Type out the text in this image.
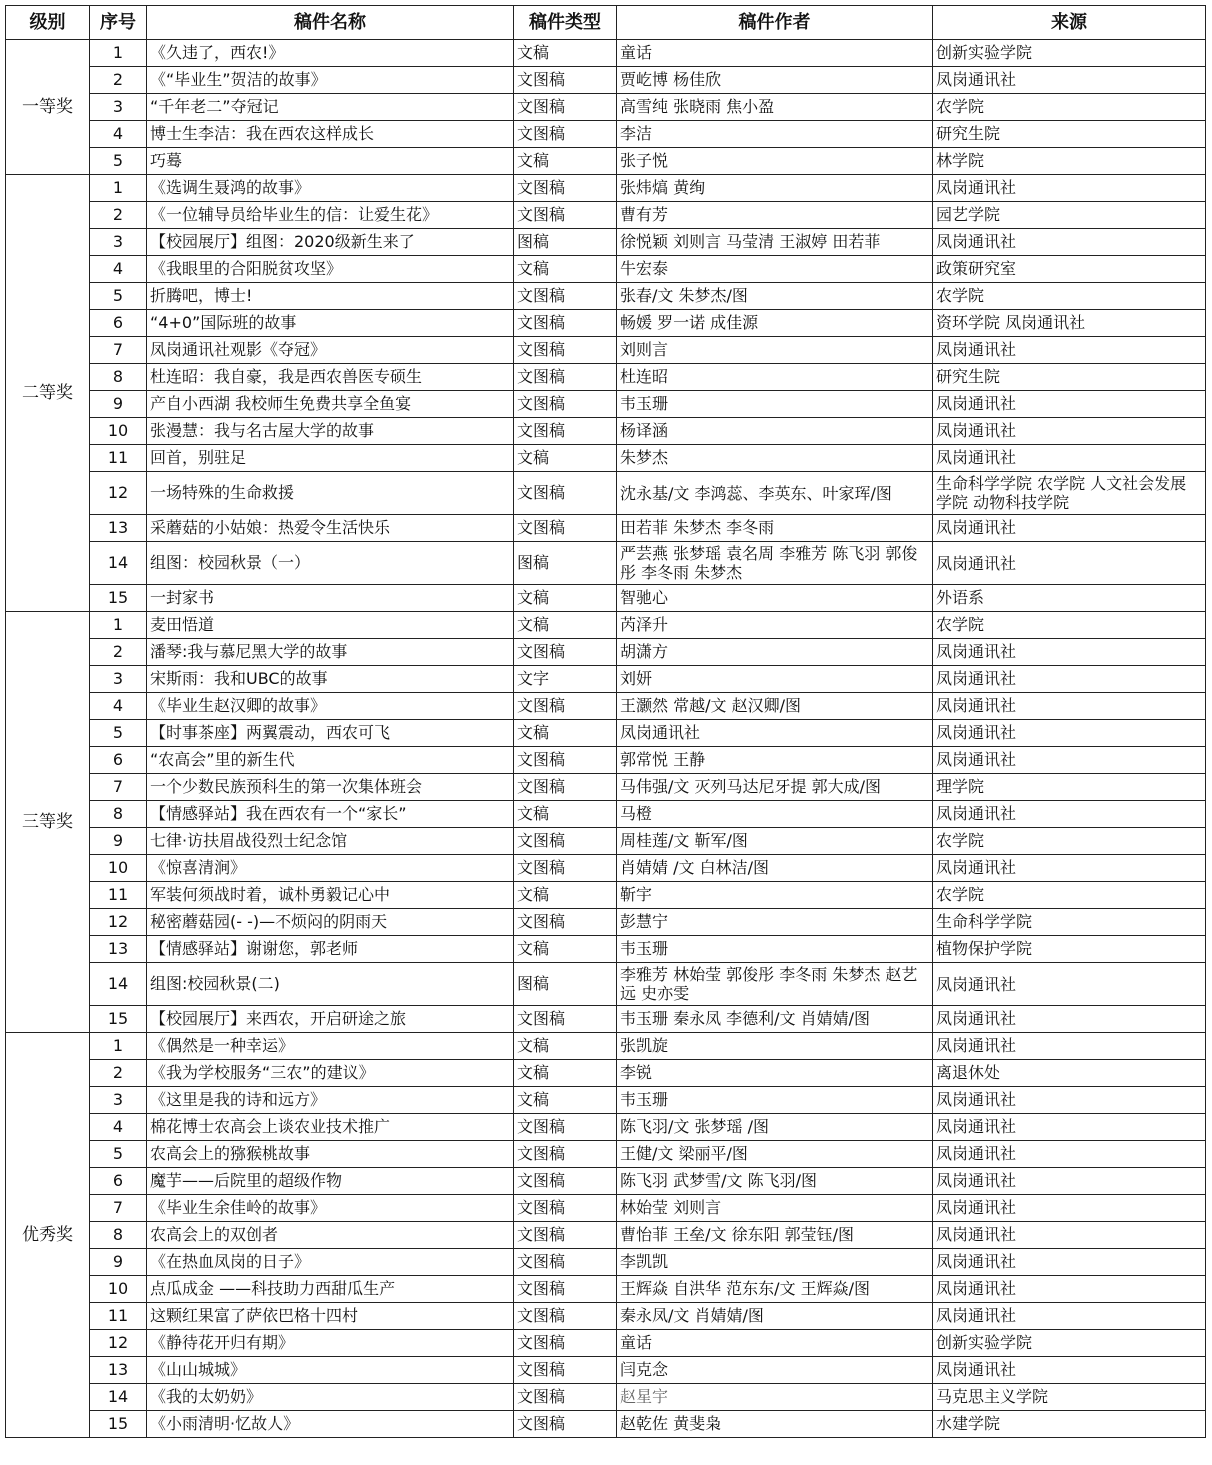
级别	序号	稿件名称	稿件类型	稿件作者	来源
一等奖	1	《久违了，西农!》	文稿	童话	创新实验学院
	2	《“毕业生”贺洁的故事》	文图稿	贾屹博 杨佳欣	凤岗通讯社
	3	“千年老二”夺冠记	文图稿	高雪纯 张晓雨 焦小盈	农学院
	4	博士生李洁：我在西农这样成长	文图稿	李洁	研究生院
	5	巧蓦	文稿	张子悦	林学院
二等奖	1	《选调生聂鸿的故事》	文图稿	张炜熇 黄绚	凤岗通讯社
	2	《一位辅导员给毕业生的信：让爱生花》	文图稿	曹有芳	园艺学院
	3	【校园展厅】组图：2020级新生来了	图稿	徐悦颖 刘则言 马莹清 王淑婷 田若菲	凤岗通讯社
	4	《我眼里的合阳脱贫攻坚》	文稿	牛宏泰	政策研究室
	5	折腾吧，博士!	文图稿	张春/文 朱梦杰/图	农学院
	6	“4+0”国际班的故事	文图稿	畅媛 罗一诺 成佳源	资环学院 凤岗通讯社
	7	凤岗通讯社观影《夺冠》	文图稿	刘则言	凤岗通讯社
	8	杜连昭：我自豪，我是西农兽医专硕生	文图稿	杜连昭	研究生院
	9	产自小西湖 我校师生免费共享全鱼宴	文图稿	韦玉珊	凤岗通讯社
	10	张漫慧：我与名古屋大学的故事	文图稿	杨译涵	凤岗通讯社
	11	回首，别驻足	文稿	朱梦杰	凤岗通讯社
	12	一场特殊的生命救援	文图稿	沈永基/文 李鸿蕊、李英东、叶家珲/图	生命科学学院 农学院 人文社会发展学院 动物科技学院
	13	采蘑菇的小姑娘：热爱令生活快乐	文图稿	田若菲 朱梦杰 李冬雨	凤岗通讯社
	14	组图：校园秋景（一）	图稿	严芸燕 张梦瑶 袁名周 李雅芳 陈飞羽 郭俊彤 李冬雨 朱梦杰	凤岗通讯社
	15	一封家书	文稿	智驰心	外语系
三等奖	1	麦田悟道	文稿	芮泽升	农学院
	2	潘琴:我与慕尼黑大学的故事	文图稿	胡潇方	凤岗通讯社
	3	宋斯雨：我和UBC的故事	文字	刘妍	凤岗通讯社
	4	《毕业生赵汉卿的故事》	文图稿	王灏然 常越/文 赵汉卿/图	凤岗通讯社
	5	【时事茶座】两翼震动，西农可飞	文稿	凤岗通讯社	凤岗通讯社
	6	“农高会”里的新生代	文图稿	郭常悦 王静	凤岗通讯社
	7	一个少数民族预科生的第一次集体班会	文图稿	马伟强/文 灭列马达尼牙提 郭大成/图	理学院
	8	【情感驿站】我在西农有一个“家长”	文稿	马橙	凤岗通讯社
	9	七律·访扶眉战役烈士纪念馆	文图稿	周桂莲/文 靳军/图	农学院
	10	《惊喜清涧》	文图稿	肖婧婧 /文 白林洁/图	凤岗通讯社
	11	军装何须战时着，诚朴勇毅记心中	文稿	靳宇	农学院
	12	秘密蘑菇园(- -)—不烦闷的阴雨天	文图稿	彭慧宁	生命科学学院
	13	【情感驿站】谢谢您，郭老师	文稿	韦玉珊	植物保护学院
	14	组图:校园秋景(二)	图稿	李雅芳 林始莹 郭俊彤 李冬雨 朱梦杰 赵艺远 史亦雯	凤岗通讯社
	15	【校园展厅】来西农，开启研途之旅	文图稿	韦玉珊 秦永凤 李德利/文 肖婧婧/图	凤岗通讯社
优秀奖	1	《偶然是一种幸运》	文稿	张凯旋	凤岗通讯社
	2	《我为学校服务“三农”的建议》	文稿	李锐	离退休处
	3	《这里是我的诗和远方》	文稿	韦玉珊	凤岗通讯社
	4	棉花博士农高会上谈农业技术推广	文图稿	陈飞羽/文 张梦瑶 /图	凤岗通讯社
	5	农高会上的猕猴桃故事	文图稿	王健/文 梁丽平/图	凤岗通讯社
	6	魔芋——后院里的超级作物	文图稿	陈飞羽 武梦雪/文 陈飞羽/图	凤岗通讯社
	7	《毕业生余佳岭的故事》	文图稿	林始莹 刘则言	凤岗通讯社
	8	农高会上的双创者	文图稿	曹怡菲 王垒/文 徐东阳 郭莹钰/图	凤岗通讯社
	9	《在热血凤岗的日子》	文图稿	李凯凯	凤岗通讯社
	10	点瓜成金 ——科技助力西甜瓜生产	文图稿	王辉焱 自洪华 范东东/文 王辉焱/图	凤岗通讯社
	11	这颗红果富了萨依巴格十四村	文图稿	秦永凤/文 肖婧婧/图	凤岗通讯社
	12	《静待花开归有期》	文图稿	童话	创新实验学院
	13	《山山城城》	文图稿	闫克念	凤岗通讯社
	14	《我的太奶奶》	文图稿	赵星宇	马克思主义学院
	15	《小雨清明·忆故人》	文图稿	赵乾佐 黄斐枭	水建学院
